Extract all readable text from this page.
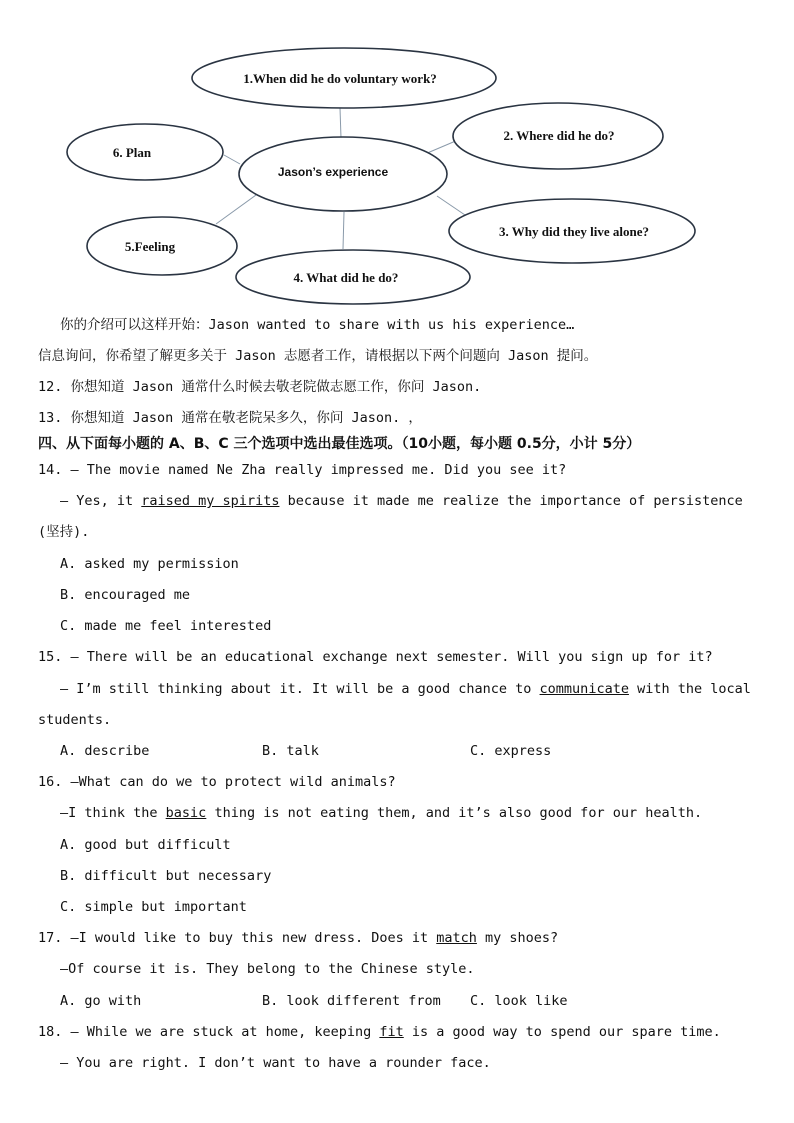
1.When did he do voluntary work?
2. Where did he do?
3. Why did they live alone?
4. What did he do?
5.Feeling
6. Plan
Jason’s experience
你的介绍可以这样开始：Jason wanted to share with us his experience…
信息询问，你希望了解更多关于 Jason 志愿者工作，请根据以下两个问题向 Jason 提问。
12. 你想知道 Jason 通常什么时候去敬老院做志愿工作，你问 Jason.
13. 你想知道 Jason 通常在敬老院呆多久，你问 Jason. ，
四、从下面每小题的 A、B、C 三个选项中选出最佳选项。（10小题，每小题 0.5分，小计 5分）
14. — The movie named Ne Zha really impressed me. Did you see it?
— Yes, it raised my spirits because it made me realize the importance of persistence
(坚持).
A. asked my permission
B. encouraged me
C. made me feel interested
15. — There will be an educational exchange next semester. Will you sign up for it?
— I’m still thinking about it. It will be a good chance to communicate with the local
students.
A. describe	B. talk	C. express
16. —What can do we to protect wild animals?
—I think the basic thing is not eating them, and it’s also good for our health.
A. good but difficult
B. difficult but necessary
C. simple but important
17. —I would like to buy this new dress. Does it match my shoes?
—Of course it is. They belong to the Chinese style.
A. go with	B. look different from C. look like
18. — While we are stuck at home, keeping fit is a good way to spend our spare time.
— You are right. I don’t want to have a rounder face.
